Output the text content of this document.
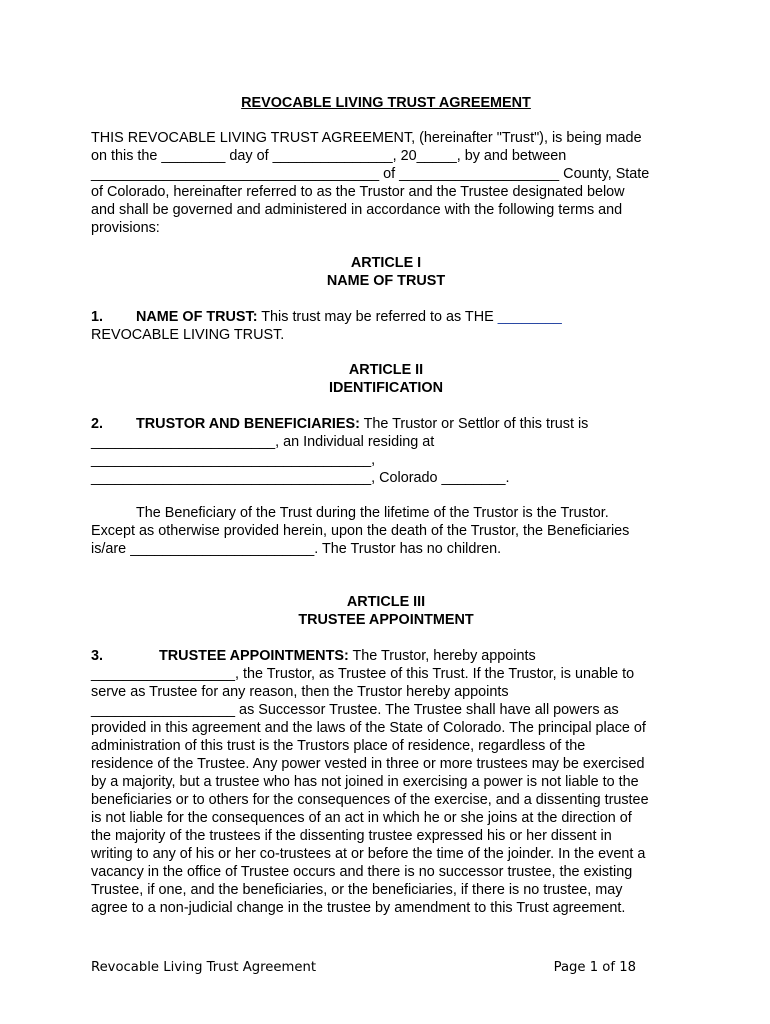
REVOCABLE LIVING TRUST AGREEMENT
THIS REVOCABLE LIVING TRUST AGREEMENT, (hereinafter "Trust"), is being made
on this the ________ day of _______________, 20_____, by and between
____________________________________ of ____________________ County, State
of Colorado, hereinafter referred to as the Trustor and the Trustee designated below
and shall be governed and administered in accordance with the following terms and
provisions:
ARTICLE I
NAME OF TRUST
1. NAME OF TRUST: This trust may be referred to as THE ________
REVOCABLE LIVING TRUST.
ARTICLE II
IDENTIFICATION
2. TRUSTOR AND BENEFICIARIES: The Trustor or Settlor of this trust is
_______________________, an Individual residing at
___________________________________,
___________________________________, Colorado ________.
The Beneficiary of the Trust during the lifetime of the Trustor is the Trustor.
Except as otherwise provided herein, upon the death of the Trustor, the Beneficiaries
is/are _______________________. The Trustor has no children.
ARTICLE III
TRUSTEE APPOINTMENT
3.	TRUSTEE APPOINTMENTS: The Trustor, hereby appoints
__________________, the Trustor, as Trustee of this Trust. If the Trustor, is unable to
serve as Trustee for any reason, then the Trustor hereby appoints
__________________ as Successor Trustee. The Trustee shall have all powers as
provided in this agreement and the laws of the State of Colorado. The principal place of
administration of this trust is the Trustors place of residence, regardless of the
residence of the Trustee. Any power vested in three or more trustees may be exercised
by a majority, but a trustee who has not joined in exercising a power is not liable to the
beneficiaries or to others for the consequences of the exercise, and a dissenting trustee
is not liable for the consequences of an act in which he or she joins at the direction of
the majority of the trustees if the dissenting trustee expressed his or her dissent in
writing to any of his or her co-trustees at or before the time of the joinder. In the event a
vacancy in the office of Trustee occurs and there is no successor trustee, the existing
Trustee, if one, and the beneficiaries, or the beneficiaries, if there is no trustee, may
agree to a non-judicial change in the trustee by amendment to this Trust agreement.
Revocable Living Trust Agreement	Page 1 of 18
